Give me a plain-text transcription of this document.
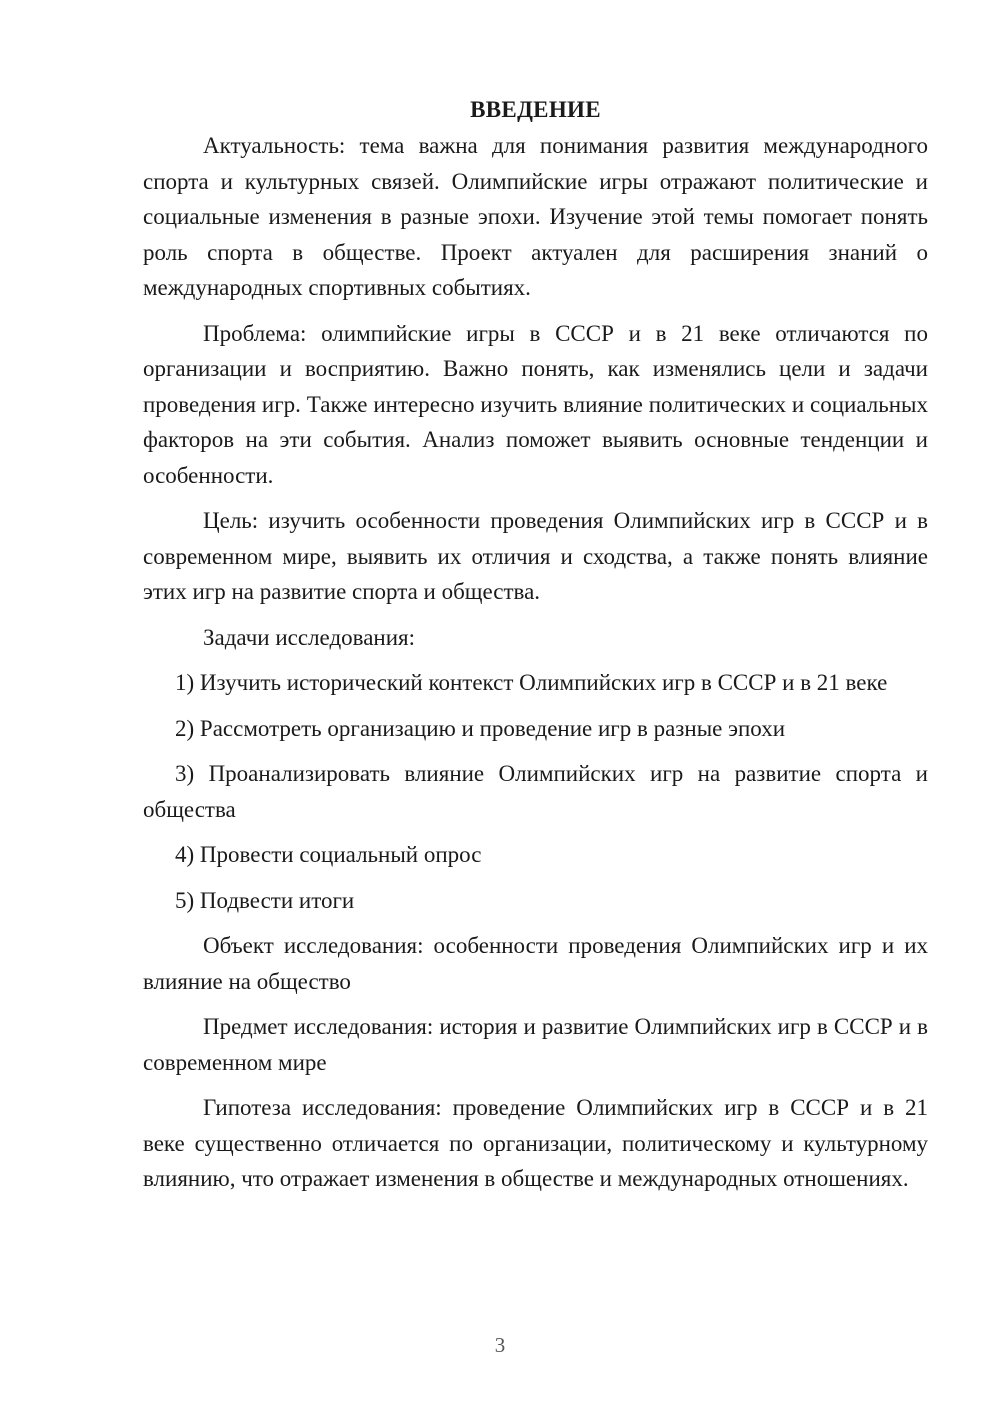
ВВЕДЕНИЕ

Актуальность: тема важна для понимания развития международного спорта и культурных связей. Олимпийские игры отражают политические и социальные изменения в разные эпохи. Изучение этой темы помогает понять роль спорта в обществе. Проект актуален для расширения знаний о международных спортивных событиях.

Проблема: олимпийские игры в СССР и в 21 веке отличаются по организации и восприятию. Важно понять, как изменялись цели и задачи проведения игр. Также интересно изучить влияние политических и социальных факторов на эти события. Анализ поможет выявить основные тенденции и особенности.

Цель: изучить особенности проведения Олимпийских игр в СССР и в современном мире, выявить их отличия и сходства, а также понять влияние этих игр на развитие спорта и общества.

Задачи исследования:

1) Изучить исторический контекст Олимпийских игр в СССР и в 21 веке

2) Рассмотреть организацию и проведение игр в разные эпохи

3) Проанализировать влияние Олимпийских игр на развитие спорта и общества

4) Провести социальный опрос

5) Подвести итоги

Объект исследования: особенности проведения Олимпийских игр и их влияние на общество

Предмет исследования: история и развитие Олимпийских игр в СССР и в современном мире

Гипотеза исследования: проведение Олимпийских игр в СССР и в 21 веке существенно отличается по организации, политическому и культурному влиянию, что отражает изменения в обществе и международных отношениях.

3
